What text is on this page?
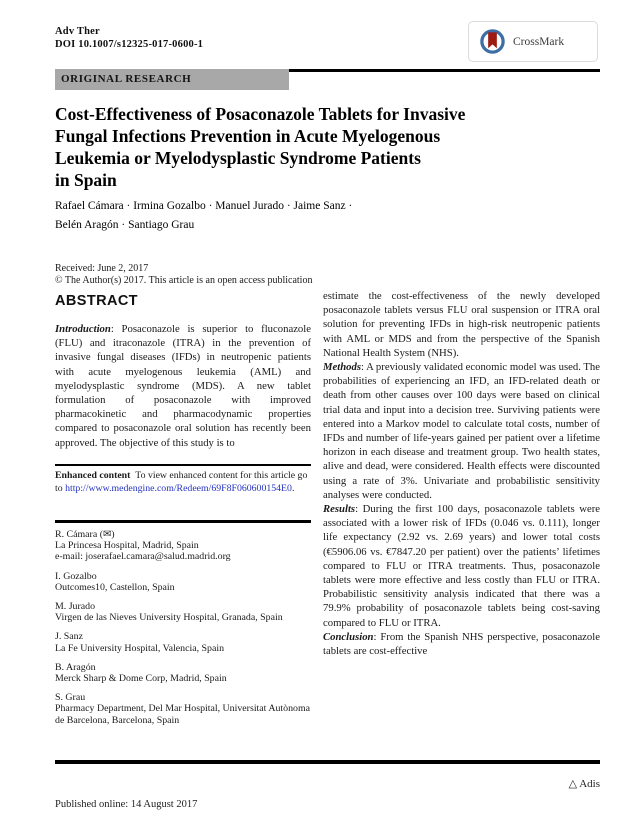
Adv Ther
DOI 10.1007/s12325-017-0600-1	CrossMark
ORIGINAL RESEARCH
Cost-Effectiveness of Posaconazole Tablets for Invasive
Fungal Infections Prevention in Acute Myelogenous
Leukemia or Myelodysplastic Syndrome Patients
in Spain
Rafael Cámara · Irmina Gozalbo · Manuel Jurado · Jaime Sanz ·
Belén Aragón · Santiago Grau
Received: June 2, 2017
© The Author(s) 2017. This article is an open access publication
ABSTRACT

Introduction: Posaconazole is superior to fluconazole (FLU) and itraconazole (ITRA) in the prevention of invasive fungal diseases (IFDs) in neutropenic patients with acute myelogenous leukemia (AML) and myelodysplastic syndrome (MDS). A new tablet formulation of posaconazole with improved pharmacokinetic and pharmacodynamic properties compared to posaconazole oral solution has recently been approved. The objective of this study is to

Enhanced content To view enhanced content for this article go to http://www.medengine.com/Redeem/69F8F060600154E0.
R. Cámara (✉)
La Princesa Hospital, Madrid, Spain
e-mail: joserafael.camara@salud.madrid.org
I. Gozalbo
Outcomes10, Castellon, Spain
M. Jurado
Virgen de las Nieves University Hospital, Granada, Spain
J. Sanz
La Fe University Hospital, Valencia, Spain
B. Aragón
Merck Sharp & Dome Corp, Madrid, Spain
S. Grau
Pharmacy Department, Del Mar Hospital, Universitat Autònoma de Barcelona, Barcelona, Spain

estimate the cost-effectiveness of the newly developed posaconazole tablets versus FLU oral suspension or ITRA oral solution for preventing IFDs in high-risk neutropenic patients with AML or MDS and from the perspective of the Spanish National Health System (NHS).

Methods: A previously validated economic model was used. The probabilities of experiencing an IFD, an IFD-related death or death from other causes over 100 days were based on clinical trial data and input into a decision tree. Surviving patients were entered into a Markov model to calculate total costs, number of IFDs and number of life-years gained per patient over a lifetime horizon in each disease and treatment group. Two health states, alive and dead, were considered. Health effects were discounted using a rate of 3%. Univariate and probabilistic sensitivity analyses were conducted.

Results: During the first 100 days, posaconazole tablets were associated with a lower risk of IFDs (0.046 vs. 0.111), longer life expectancy (2.92 vs. 2.69 years) and lower total costs (€5906.06 vs. €7847.20 per patient) over the patients’ lifetimes compared to FLU or ITRA treatments. Thus, posaconazole tablets were more effective and less costly than FLU or ITRA. Probabilistic sensitivity analysis indicated that there was a 79.9% probability of posaconazole tablets being cost-saving compared to FLU or ITRA.

Conclusion: From the Spanish NHS perspective, posaconazole tablets are cost-effective

△ Adis
Published online: 14 August 2017
